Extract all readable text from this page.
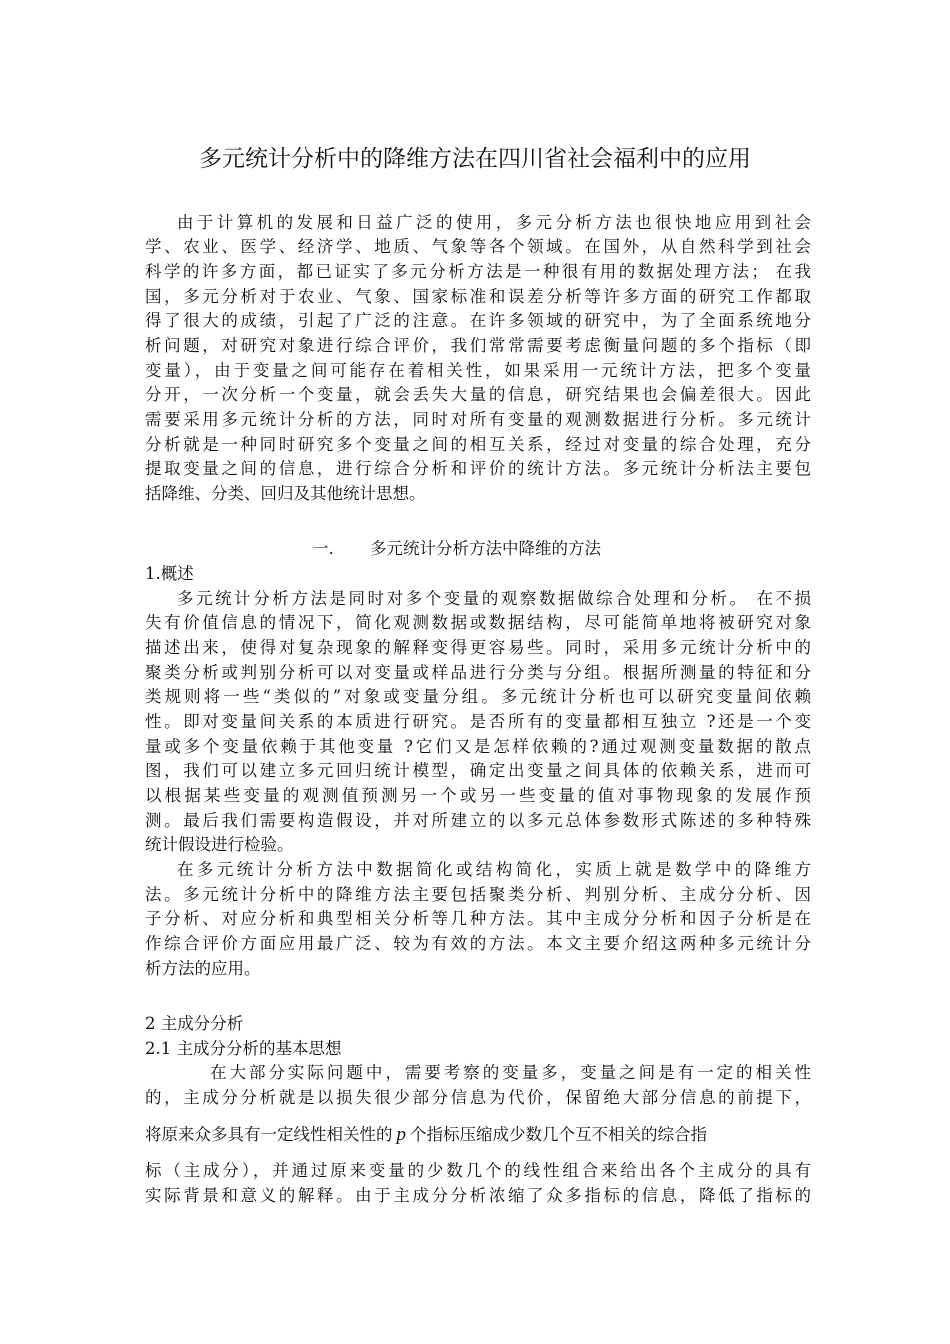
多元统计分析中的降维方法在四川省社会福利中的应用
由于计算机的发展和日益广泛的使用，多元分析方法也很快地应用到社会
学、农业、医学、经济学、地质、气象等各个领域。在国外，从自然科学到社会
科学的许多方面，都已证实了多元分析方法是一种很有用的数据处理方法； 在我
国，多元分析对于农业、气象、国家标准和误差分析等许多方面的研究工作都取
得了很大的成绩，引起了广泛的注意。在许多领域的研究中，为了全面系统地分
析问题，对研究对象进行综合评价，我们常常需要考虑衡量问题的多个指标（即
变量），由于变量之间可能存在着相关性，如果采用一元统计方法，把多个变量
分开，一次分析一个变量，就会丢失大量的信息，研究结果也会偏差很大。因此
需要采用多元统计分析的方法，同时对所有变量的观测数据进行分析。多元统计
分析就是一种同时研究多个变量之间的相互关系，经过对变量的综合处理，充分
提取变量之间的信息，进行综合分析和评价的统计方法。多元统计分析法主要包
括降维、分类、回归及其他统计思想。
一. 多元统计分析方法中降维的方法
1.概述
多元统计分析方法是同时对多个变量的观察数据做综合处理和分析。 在不损
失有价值信息的情况下，简化观测数据或数据结构，尽可能简单地将被研究对象
描述出来，使得对复杂现象的解释变得更容易些。同时，采用多元统计分析中的
聚类分析或判别分析可以对变量或样品进行分类与分组。根据所测量的特征和分
类规则将一些“类似的”对象或变量分组。多元统计分析也可以研究变量间依赖
性。即对变量间关系的本质进行研究。是否所有的变量都相互独立 ?还是一个变
量或多个变量依赖于其他变量 ?它们又是怎样依赖的?通过观测变量数据的散点
图，我们可以建立多元回归统计模型，确定出变量之间具体的依赖关系，进而可
以根据某些变量的观测值预测另一个或另一些变量的值对事物现象的发展作预
测。最后我们需要构造假设，并对所建立的以多元总体参数形式陈述的多种特殊
统计假设进行检验。
在多元统计分析方法中数据简化或结构简化，实质上就是数学中的降维方
法。多元统计分析中的降维方法主要包括聚类分析、判别分析、主成分分析、因
子分析、对应分析和典型相关分析等几种方法。其中主成分分析和因子分析是在
作综合评价方面应用最广泛、较为有效的方法。本文主要介绍这两种多元统计分
析方法的应用。
2 主成分分析
2.1 主成分分析的基本思想
在大部分实际问题中，需要考察的变量多，变量之间是有一定的相关性
的，主成分分析就是以损失很少部分信息为代价，保留绝大部分信息的前提下，
将原来众多具有一定线性相关性的 p 个指标压缩成少数几个互不相关的综合指
标（主成分），并通过原来变量的少数几个的线性组合来给出各个主成分的具有
实际背景和意义的解释。由于主成分分析浓缩了众多指标的信息，降低了指标的
